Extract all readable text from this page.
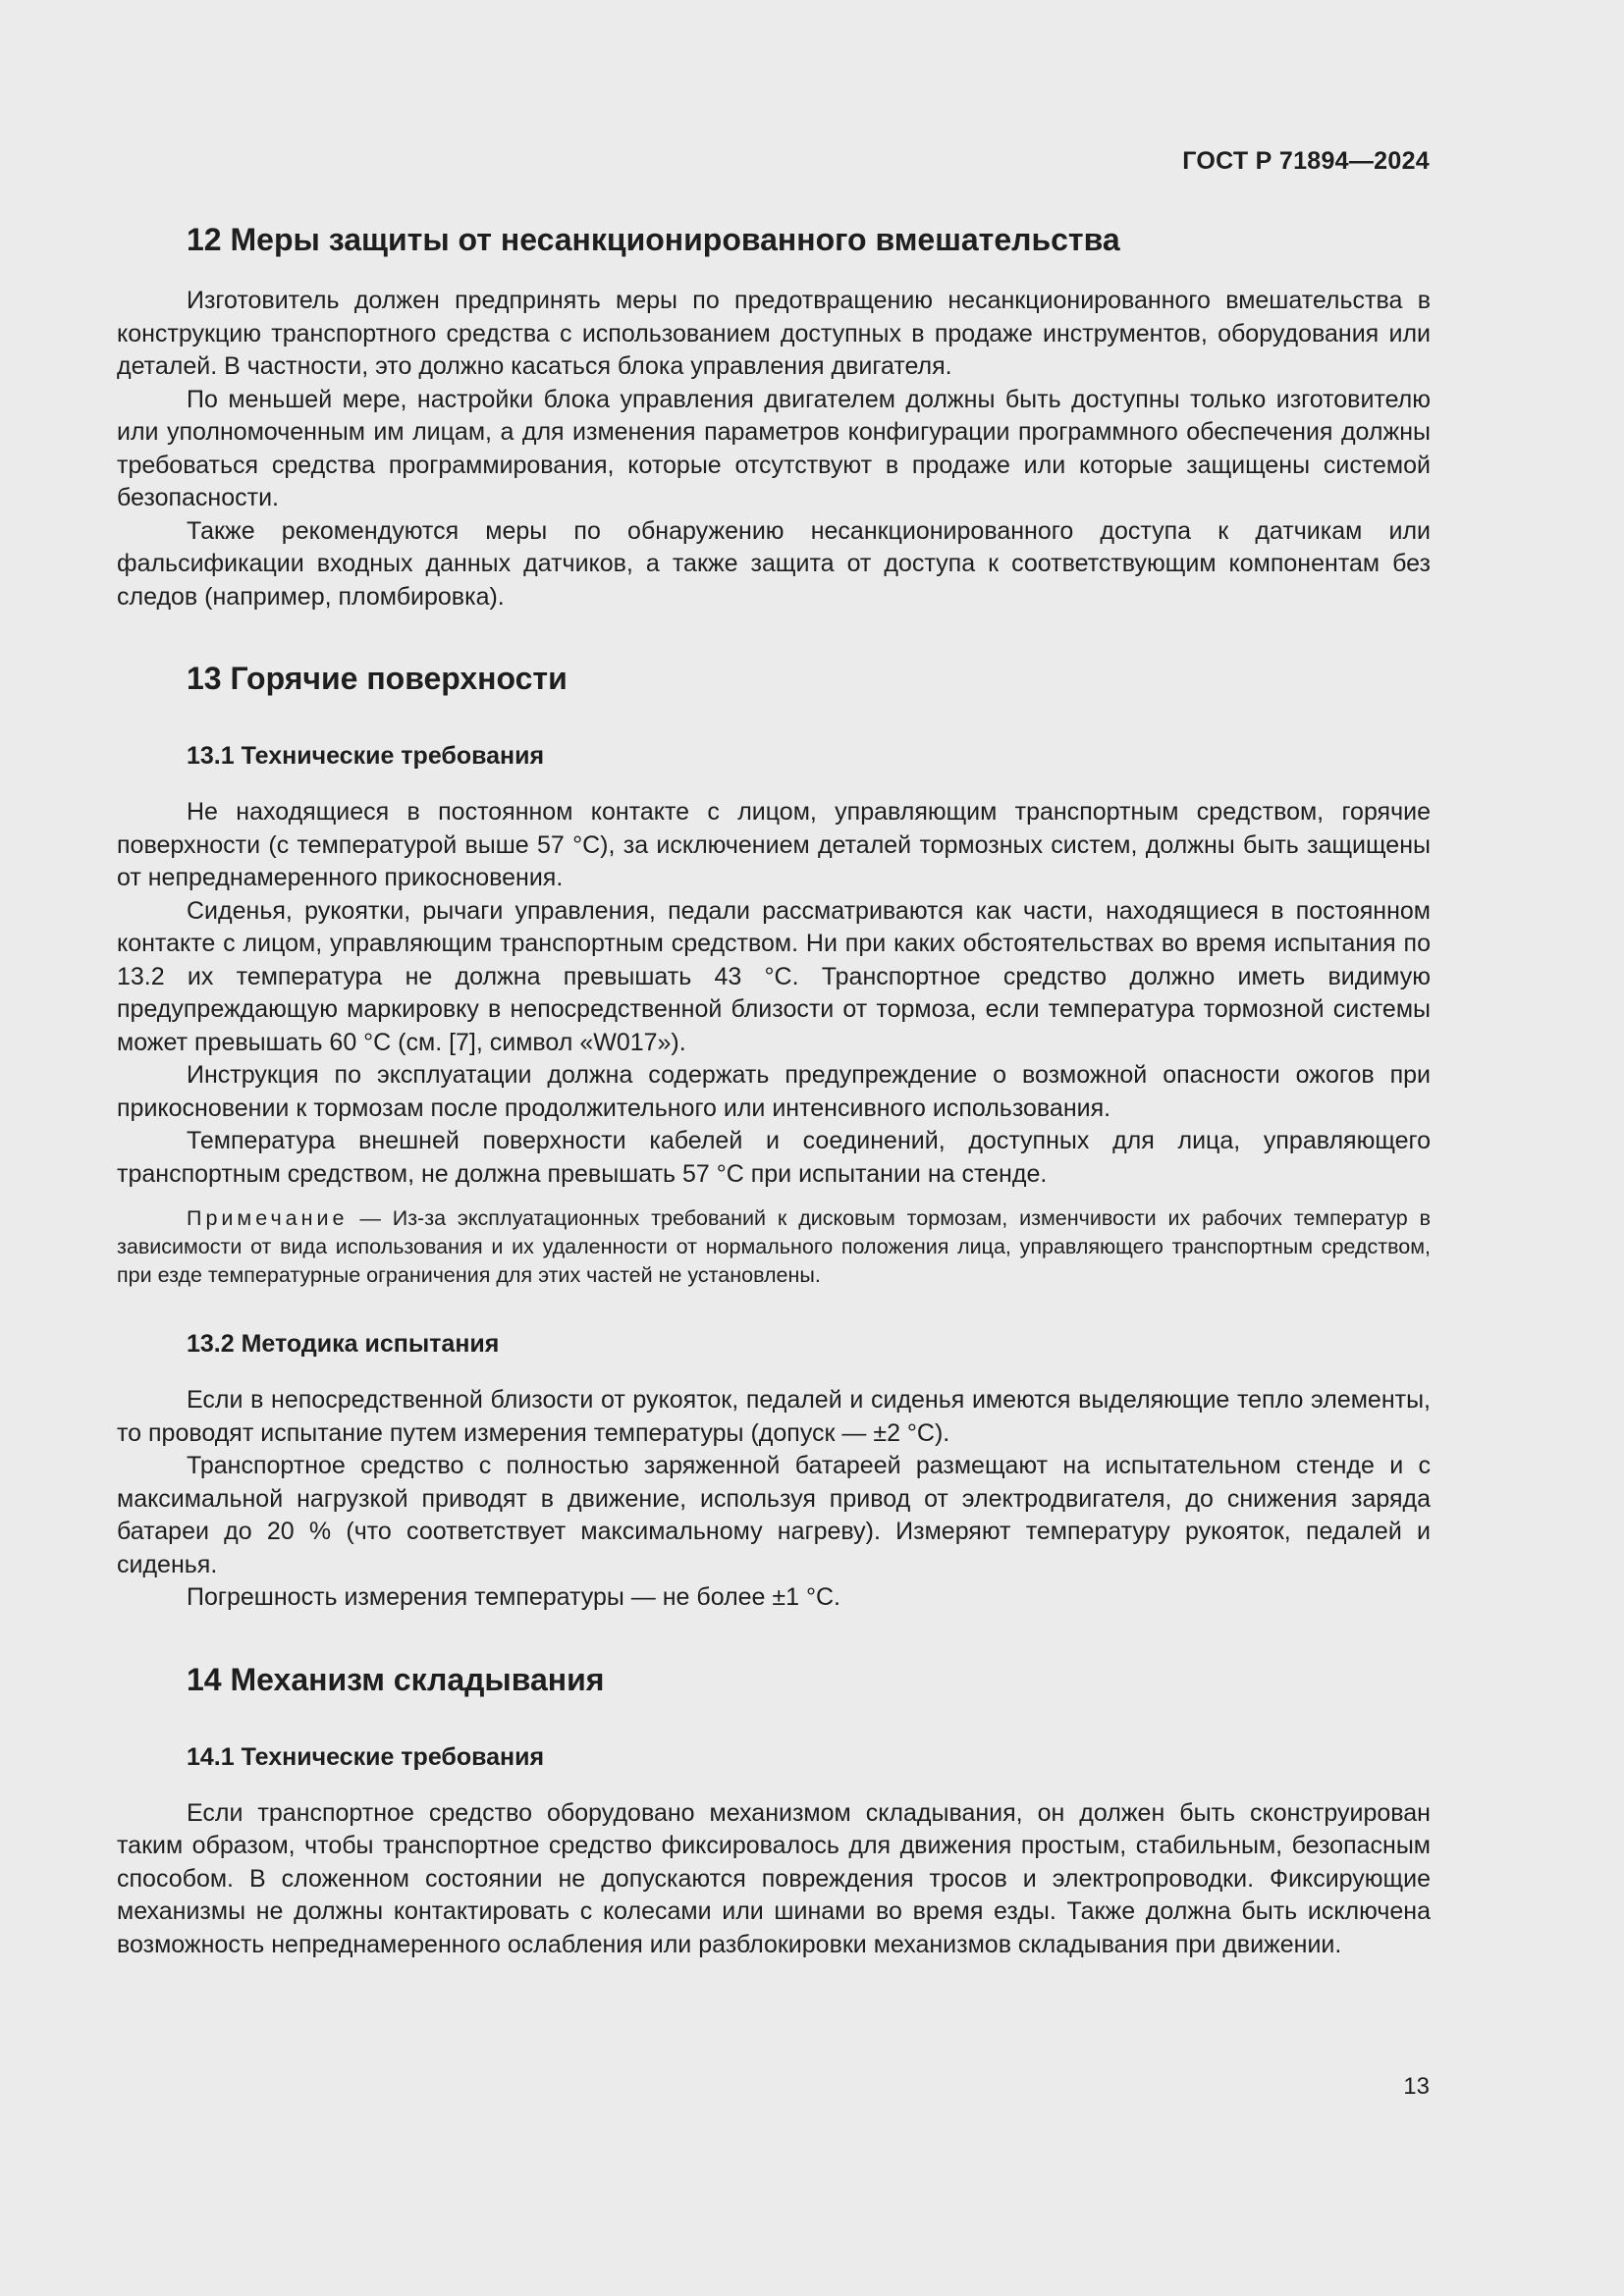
ГОСТ Р 71894—2024
12 Меры защиты от несанкционированного вмешательства

Изготовитель должен предпринять меры по предотвращению несанкционированного вмешательства в конструкцию транспортного средства с использованием доступных в продаже инструментов, оборудования или деталей. В частности, это должно касаться блока управления двигателя.

По меньшей мере, настройки блока управления двигателем должны быть доступны только изготовителю или уполномоченным им лицам, а для изменения параметров конфигурации программного обеспечения должны требоваться средства программирования, которые отсутствуют в продаже или которые защищены системой безопасности.

Также рекомендуются меры по обнаружению несанкционированного доступа к датчикам или фальсификации входных данных датчиков, а также защита от доступа к соответствующим компонентам без следов (например, пломбировка).

13 Горячие поверхности
13.1 Технические требования

Не находящиеся в постоянном контакте с лицом, управляющим транспортным средством, горячие поверхности (с температурой выше 57 °С), за исключением деталей тормозных систем, должны быть защищены от непреднамеренного прикосновения.

Сиденья, рукоятки, рычаги управления, педали рассматриваются как части, находящиеся в постоянном контакте с лицом, управляющим транспортным средством. Ни при каких обстоятельствах во время испытания по 13.2 их температура не должна превышать 43 °С. Транспортное средство должно иметь видимую предупреждающую маркировку в непосредственной близости от тормоза, если температура тормозной системы может превышать 60 °С (см. [7], символ «W017»).

Инструкция по эксплуатации должна содержать предупреждение о возможной опасности ожогов при прикосновении к тормозам после продолжительного или интенсивного использования.

Температура внешней поверхности кабелей и соединений, доступных для лица, управляющего транспортным средством, не должна превышать 57 °С при испытании на стенде.

Примечание — Из-за эксплуатационных требований к дисковым тормозам, изменчивости их рабочих температур в зависимости от вида использования и их удаленности от нормального положения лица, управляющего транспортным средством, при езде температурные ограничения для этих частей не установлены.

13.2 Методика испытания

Если в непосредственной близости от рукояток, педалей и сиденья имеются выделяющие тепло элементы, то проводят испытание путем измерения температуры (допуск — ±2 °С).

Транспортное средство с полностью заряженной батареей размещают на испытательном стенде и с максимальной нагрузкой приводят в движение, используя привод от электродвигателя, до снижения заряда батареи до 20 % (что соответствует максимальному нагреву). Измеряют температуру рукояток, педалей и сиденья.

Погрешность измерения температуры — не более ±1 °С.

14 Механизм складывания
14.1 Технические требования

Если транспортное средство оборудовано механизмом складывания, он должен быть сконструирован таким образом, чтобы транспортное средство фиксировалось для движения простым, стабильным, безопасным способом. В сложенном состоянии не допускаются повреждения тросов и электропроводки. Фиксирующие механизмы не должны контактировать с колесами или шинами во время езды. Также должна быть исключена возможность непреднамеренного ослабления или разблокировки механизмов складывания при движении.

13
